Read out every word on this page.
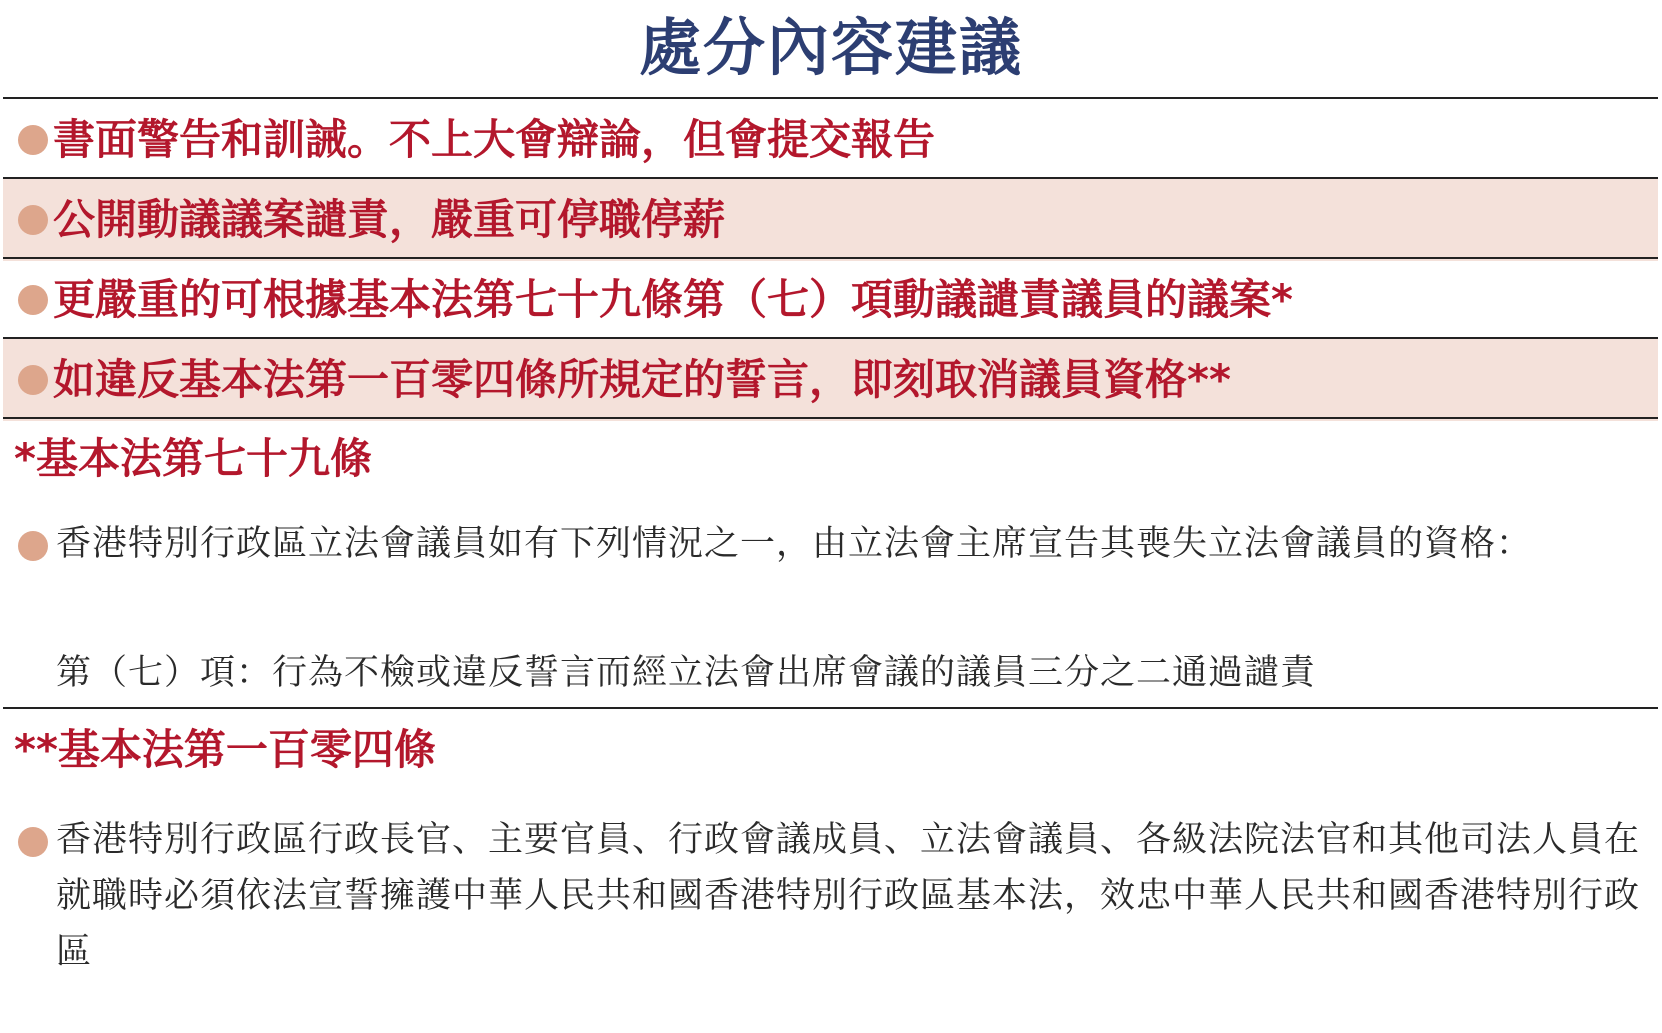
處分內容建議
書面警告和訓誡。不上大會辯論，但會提交報告
公開動議議案譴責，嚴重可停職停薪
更嚴重的可根據基本法第七十九條第（七）項動議譴責議員的議案*
如違反基本法第一百零四條所規定的誓言，即刻取消議員資格**
*基本法第七十九條
香港特別行政區立法會議員如有下列情況之一，由立法會主席宣告其喪失立法會議員的資格：
第（七）項：行為不檢或違反誓言而經立法會出席會議的議員三分之二通過譴責
**基本法第一百零四條
香港特別行政區行政長官、主要官員、行政會議成員、立法會議員、各級法院法官和其他司法人員在就職時必須依法宣誓擁護中華人民共和國香港特別行政區基本法，效忠中華人民共和國香港特別行政區
